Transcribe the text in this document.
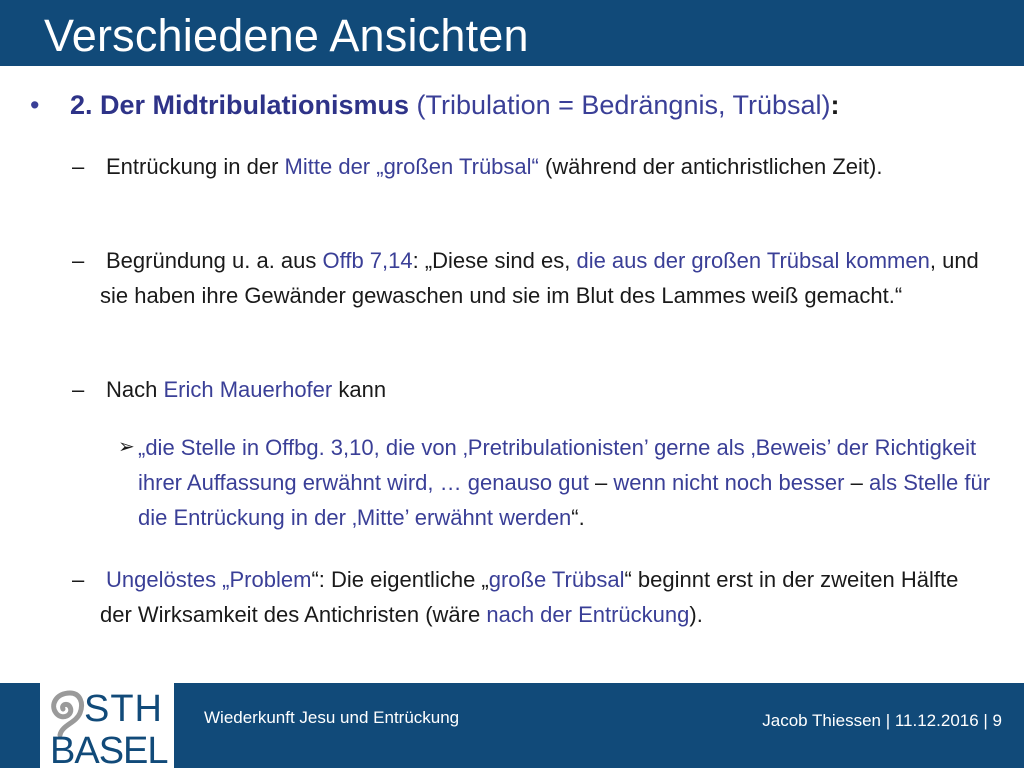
Verschiedene Ansichten
•	2. Der Midtribulationismus (Tribulation = Bedrängnis, Trübsal):
– Entrückung in der Mitte der „großen Trübsal“ (während der antichristlichen Zeit).
– Begründung u. a. aus Offb 7,14: „Diese sind es, die aus der großen Trübsal kommen, und sie haben ihre Gewänder gewaschen und sie im Blut des Lammes weiß gemacht.“
– Nach Erich Mauerhofer kann
➢ „die Stelle in Offbg. 3,10, die von ‚Pretribulationisten’ gerne als ‚Beweis’ der Richtigkeit ihrer Auffassung erwähnt wird, … genauso gut – wenn nicht noch besser – als Stelle für die Entrückung in der ‚Mitte’ erwähnt werden“.
– Ungelöstes „Problem“: Die eigentliche „große Trübsal“ beginnt erst in der zweiten Hälfte der Wirksamkeit des Antichristen (wäre nach der Entrückung).
STH
BASEL
Wiederkunft Jesu und Entrückung	Jacob Thiessen | 11.12.2016 | 9
